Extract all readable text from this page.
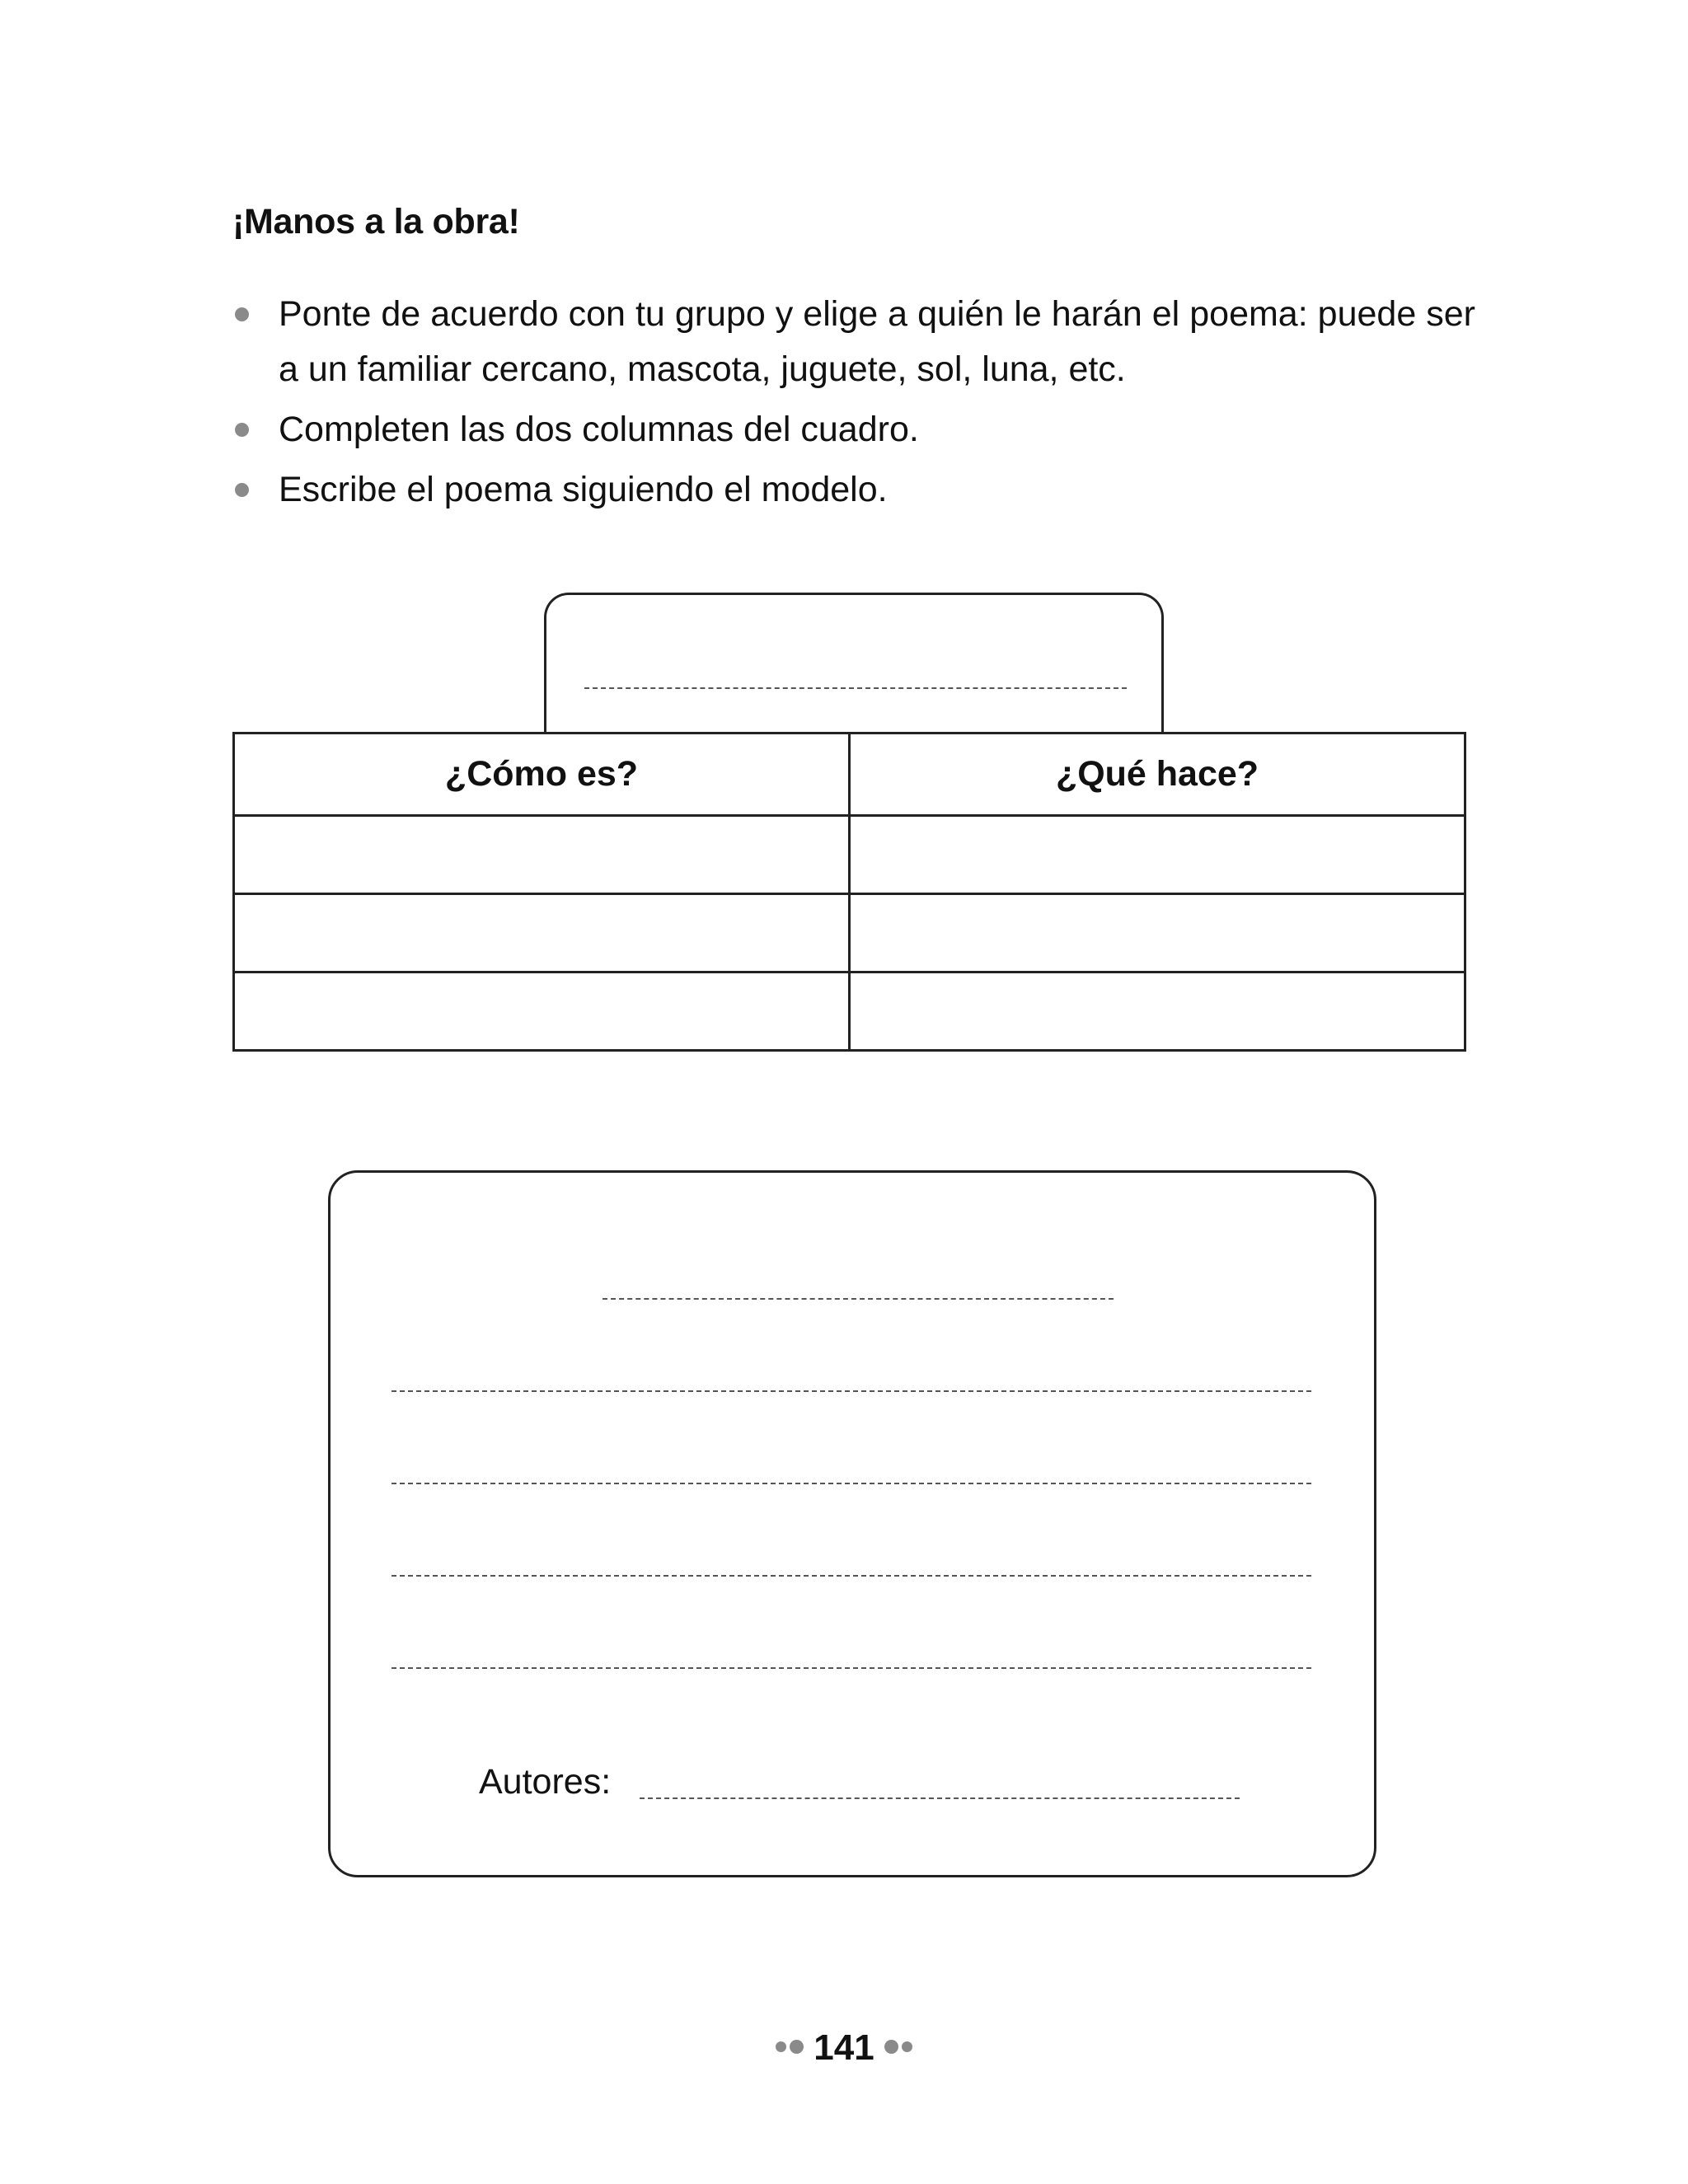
¡Manos a la obra!
Ponte de acuerdo con tu grupo y elige a quién le harán el poema: puede ser a un familiar cercano, mascota, juguete, sol, luna, etc.
Completen las dos columnas del cuadro.
Escribe el poema siguiendo el modelo.
¿Cómo es?	¿Qué hace?

Autores:
141
